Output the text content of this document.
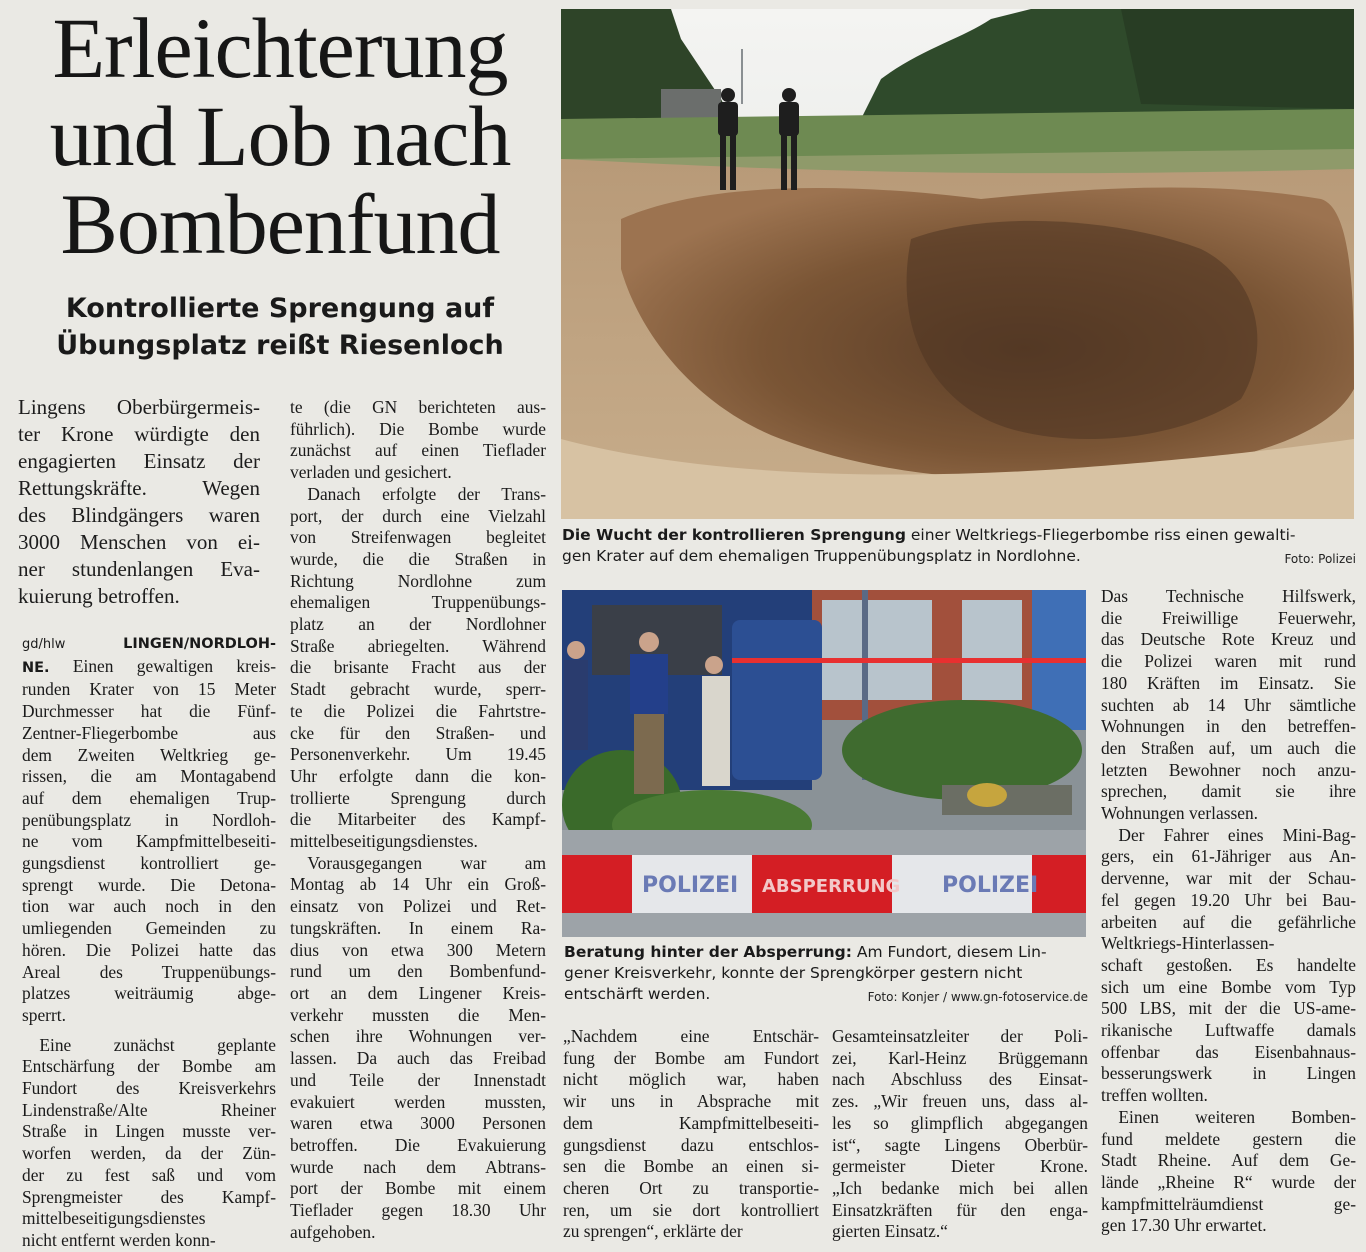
Erleichterung
und Lob nach
Bombenfund
Kontrollierte Sprengung auf
Übungsplatz reißt Riesenloch
Lingens Oberbürgermeis-
ter Krone würdigte den
engagierten Einsatz der
Rettungskräfte. Wegen
des Blindgängers waren
3000 Menschen von ei-
ner stundenlangen Eva-
kuierung betroffen.
gd/hlw	LINGEN/NORDLOH-
NE. Einen gewaltigen kreis-
runden Krater von 15 Meter
Durchmesser hat die Fünf-
Zentner-Fliegerbombe aus
dem Zweiten Weltkrieg ge-
rissen, die am Montagabend
auf dem ehemaligen Trup-
penübungsplatz in Nordloh-
ne vom Kampfmittelbeseiti-
gungsdienst kontrolliert ge-
sprengt wurde. Die Detona-
tion war auch noch in den
umliegenden Gemeinden zu
hören. Die Polizei hatte das
Areal des Truppenübungs-
platzes weiträumig abge-
sperrt.
 Eine zunächst geplante
Entschärfung der Bombe am
Fundort des Kreisverkehrs
Lindenstraße/Alte Rheiner
Straße in Lingen musste ver-
worfen werden, da der Zün-
der zu fest saß und vom
Sprengmeister des Kampf-
mittelbeseitigungsdienstes
nicht entfernt werden konn-
te (die GN berichteten aus-
führlich). Die Bombe wurde
zunächst auf einen Tieflader
verladen und gesichert.
 Danach erfolgte der Trans-
port, der durch eine Vielzahl
von Streifenwagen begleitet
wurde, die die Straßen in
Richtung Nordlohne zum
ehemaligen Truppenübungs-
platz an der Nordlohner
Straße abriegelten. Während
die brisante Fracht aus der
Stadt gebracht wurde, sperr-
te die Polizei die Fahrtstre-
cke für den Straßen- und
Personenverkehr. Um 19.45
Uhr erfolgte dann die kon-
trollierte Sprengung durch
die Mitarbeiter des Kampf-
mittelbeseitigungsdienstes.
 Vorausgegangen war am
Montag ab 14 Uhr ein Groß-
einsatz von Polizei und Ret-
tungskräften. In einem Ra-
dius von etwa 300 Metern
rund um den Bombenfund-
ort an dem Lingener Kreis-
verkehr mussten die Men-
schen ihre Wohnungen ver-
lassen. Da auch das Freibad
und Teile der Innenstadt
evakuiert werden mussten,
waren etwa 3000 Personen
betroffen. Die Evakuierung
wurde nach dem Abtrans-
port der Bombe mit einem
Tieflader gegen 18.30 Uhr
aufgehoben.
Die Wucht der kontrollieren Sprengung einer Weltkriegs-Fliegerbombe riss einen gewalti-
gen Krater auf dem ehemaligen Truppenübungsplatz in Nordlohne.	Foto: Polizei
POLIZEI ABSPERRUNG POLIZEI
Beratung hinter der Absperrung: Am Fundort, diesem Lin-
gener Kreisverkehr, konnte der Sprengkörper gestern nicht
entschärft werden.	Foto: Konjer / www.gn-fotoservice.de
„Nachdem eine Entschär-
fung der Bombe am Fundort
nicht möglich war, haben
wir uns in Absprache mit
dem Kampfmittelbeseiti-
gungsdienst dazu entschlos-
sen die Bombe an einen si-
cheren Ort zu transportie-
ren, um sie dort kontrolliert
zu sprengen“, erklärte der
Gesamteinsatzleiter der Poli-
zei, Karl-Heinz Brüggemann
nach Abschluss des Einsat-
zes. „Wir freuen uns, dass al-
les so glimpflich abgegangen
ist“, sagte Lingens Oberbür-
germeister Dieter Krone.
„Ich bedanke mich bei allen
Einsatzkräften für den enga-
gierten Einsatz.“
Das Technische Hilfswerk,
die Freiwillige Feuerwehr,
das Deutsche Rote Kreuz und
die Polizei waren mit rund
180 Kräften im Einsatz. Sie
suchten ab 14 Uhr sämtliche
Wohnungen in den betreffen-
den Straßen auf, um auch die
letzten Bewohner noch anzu-
sprechen, damit sie ihre
Wohnungen verlassen.
 Der Fahrer eines Mini-Bag-
gers, ein 61-Jähriger aus An-
dervenne, war mit der Schau-
fel gegen 19.20 Uhr bei Bau-
arbeiten auf die gefährliche
Weltkriegs-Hinterlassen-
schaft gestoßen. Es handelte
sich um eine Bombe vom Typ
500 LBS, mit der die US-ame-
rikanische Luftwaffe damals
offenbar das Eisenbahnaus-
besserungswerk in Lingen
treffen wollten.
 Einen weiteren Bomben-
fund meldete gestern die
Stadt Rheine. Auf dem Ge-
lände „Rheine R“ wurde der
kampfmittelräumdienst ge-
gen 17.30 Uhr erwartet.
